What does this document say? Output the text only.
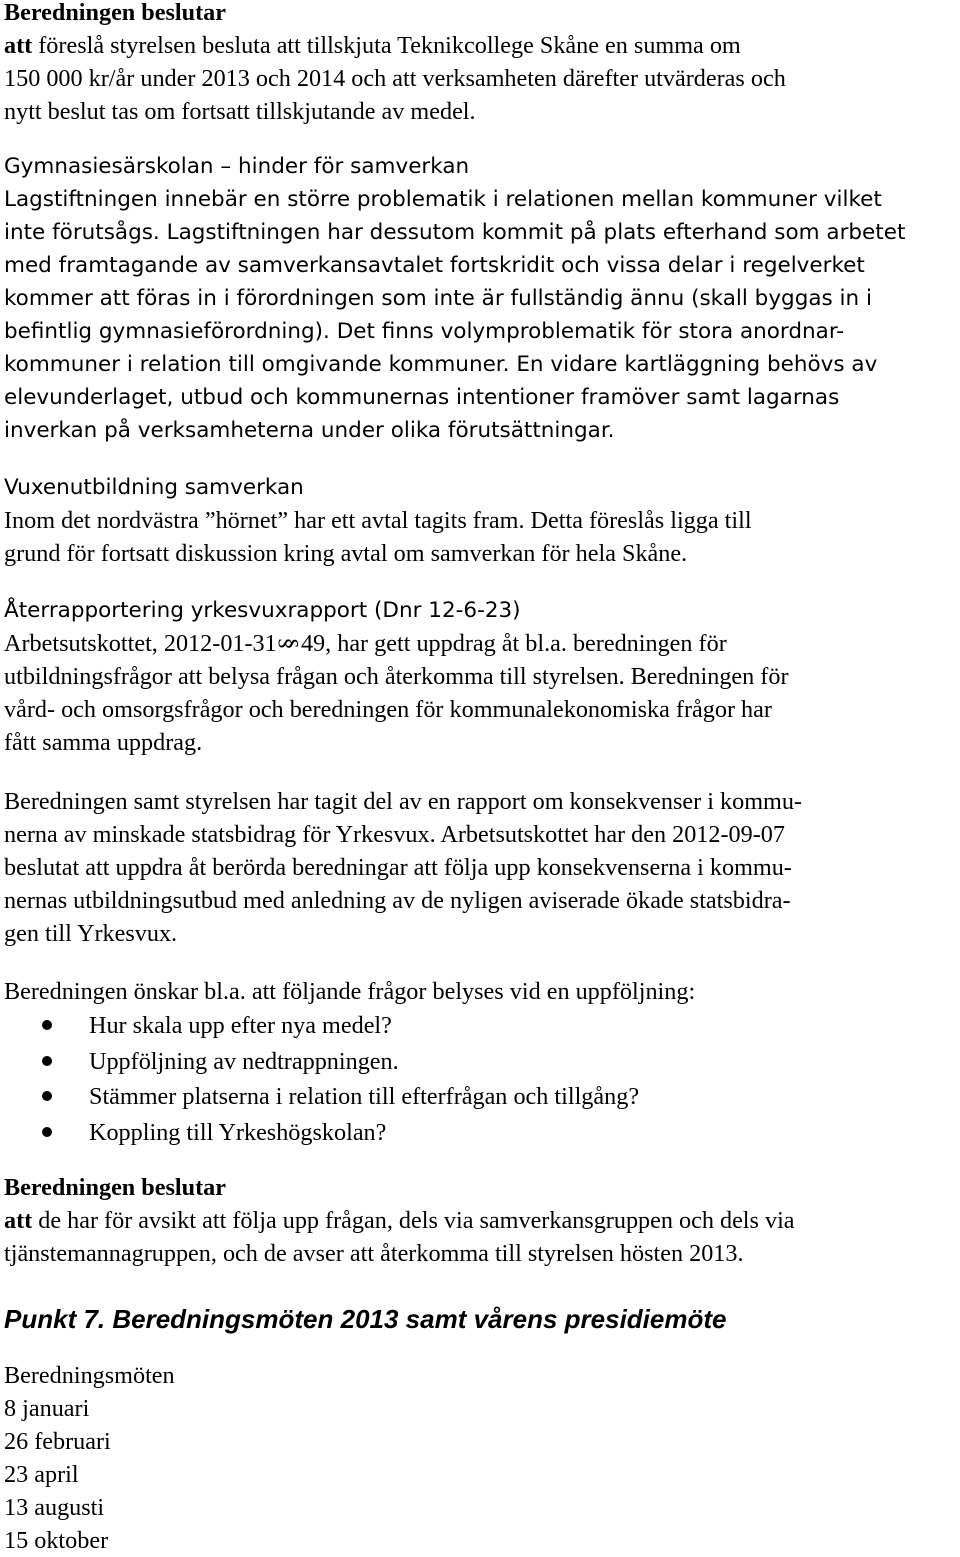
Beredningen beslutar
att föreslå styrelsen besluta att tillskjuta Teknikcollege Skåne en summa om
150 000 kr/år under 2013 och 2014 och att verksamheten därefter utvärderas och
nytt beslut tas om fortsatt tillskjutande av medel.
Gymnasiesärskolan – hinder för samverkan
Lagstiftningen innebär en större problematik i relationen mellan kommuner vilket
inte förutsågs. Lagstiftningen har dessutom kommit på plats efterhand som arbetet
med framtagande av samverkansavtalet fortskridit och vissa delar i regelverket
kommer att föras in i förordningen som inte är fullständig ännu (skall byggas in i
befintlig gymnasieförordning). Det finns volymproblematik för stora anordnar-
kommuner i relation till omgivande kommuner. En vidare kartläggning behövs av
elevunderlaget, utbud och kommunernas intentioner framöver samt lagarnas
inverkan på verksamheterna under olika förutsättningar.
Vuxenutbildning samverkan
Inom det nordvästra ”hörnet” har ett avtal tagits fram. Detta föreslås ligga till
grund för fortsatt diskussion kring avtal om samverkan för hela Skåne.
Återrapportering yrkesvuxrapport (Dnr 12-6-23)
Arbetsutskottet, 2012-01-31 § 49, har gett uppdrag åt bl.a. beredningen för
utbildningsfrågor att belysa frågan och återkomma till styrelsen. Beredningen för
vård- och omsorgsfrågor och beredningen för kommunalekonomiska frågor har
fått samma uppdrag.
Beredningen samt styrelsen har tagit del av en rapport om konsekvenser i kommu-
nerna av minskade statsbidrag för Yrkesvux. Arbetsutskottet har den 2012-09-07
beslutat att uppdra åt berörda beredningar att följa upp konsekvenserna i kommu-
nernas utbildningsutbud med anledning av de nyligen aviserade ökade statsbidra-
gen till Yrkesvux.
Beredningen önskar bl.a. att följande frågor belyses vid en uppföljning:
Hur skala upp efter nya medel?
Uppföljning av nedtrappningen.
Stämmer platserna i relation till efterfrågan och tillgång?
Koppling till Yrkeshögskolan?
Beredningen beslutar
att de har för avsikt att följa upp frågan, dels via samverkansgruppen och dels via
tjänstemannagruppen, och de avser att återkomma till styrelsen hösten 2013.
Punkt 7. Beredningsmöten 2013 samt vårens presidiemöte
Beredningsmöten
8 januari
26 februari
23 april
13 augusti
15 oktober
